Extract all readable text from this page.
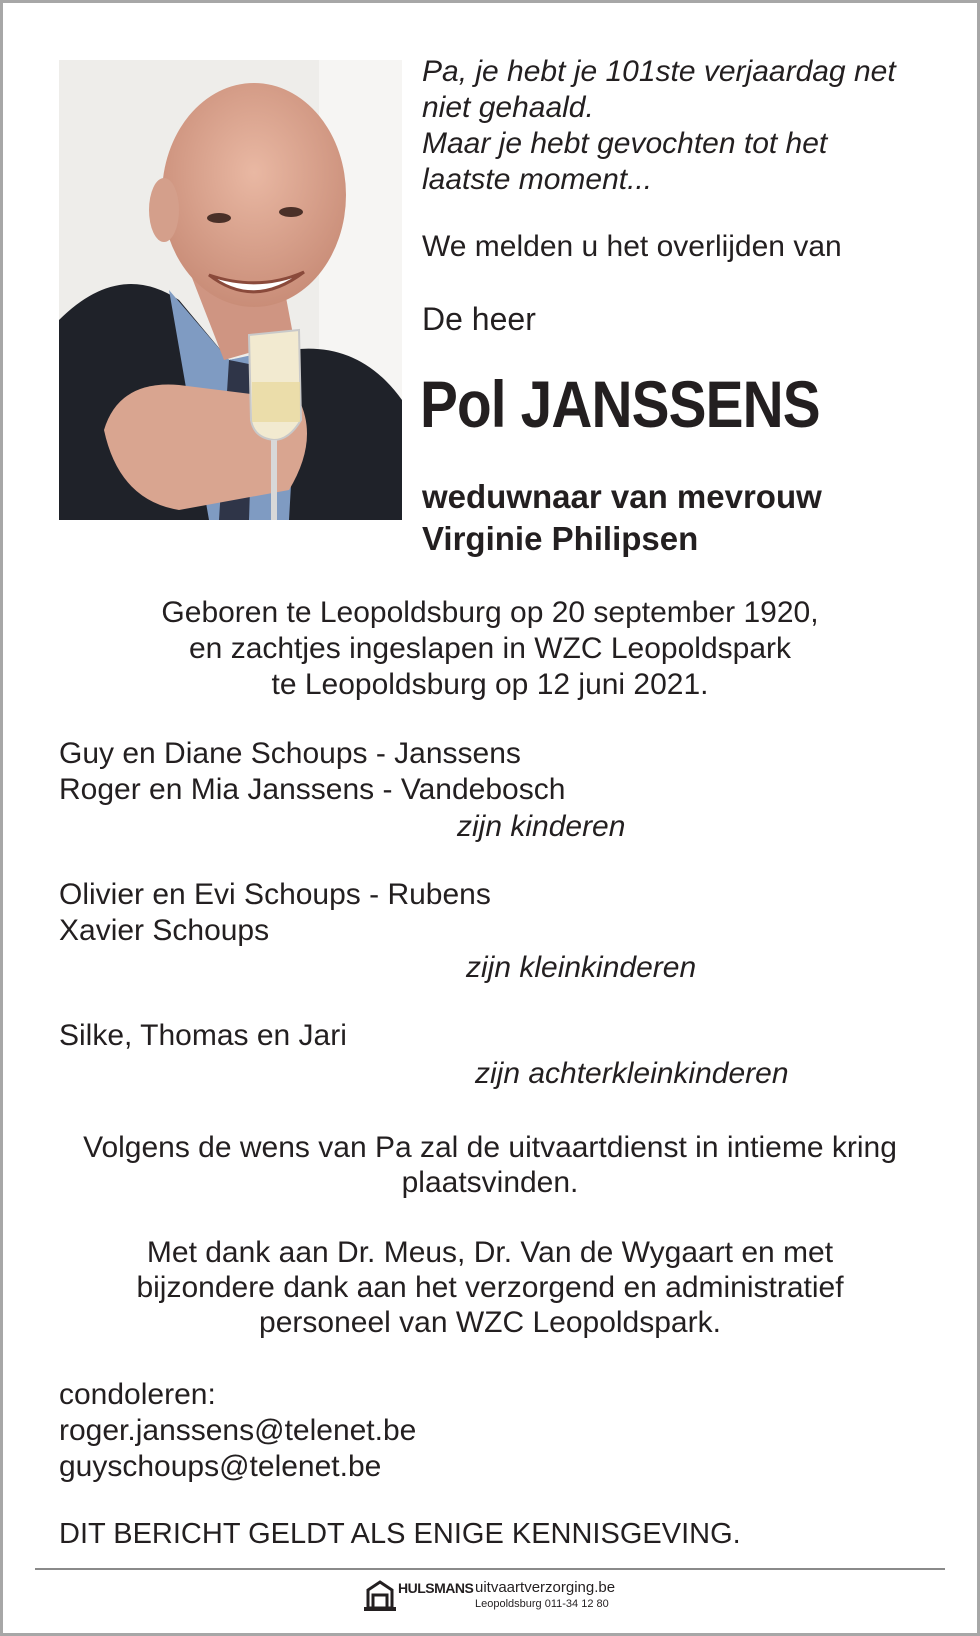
Pa, je hebt je 101ste verjaardag net
niet gehaald.
Maar je hebt gevochten tot het
laatste moment...
We melden u het overlijden van
De heer
Pol JANSSENS
weduwnaar van mevrouw
Virginie Philipsen
Geboren te Leopoldsburg op 20 september 1920,
en zachtjes ingeslapen in WZC Leopoldspark
te Leopoldsburg op 12 juni 2021.
Guy en Diane Schoups - Janssens
Roger en Mia Janssens - Vandebosch
zijn kinderen
Olivier en Evi Schoups - Rubens
Xavier Schoups
zijn kleinkinderen
Silke, Thomas en Jari
zijn achterkleinkinderen
Volgens de wens van Pa zal de uitvaartdienst in intieme kring
plaatsvinden.
Met dank aan Dr. Meus, Dr. Van de Wygaart en met
bijzondere dank aan het verzorgend en administratief
personeel van WZC Leopoldspark.
condoleren:
roger.janssens@telenet.be
guyschoups@telenet.be
DIT BERICHT GELDT ALS ENIGE KENNISGEVING.
HULSMANS uitvaartverzorging.be
Leopoldsburg 011-34 12 80
